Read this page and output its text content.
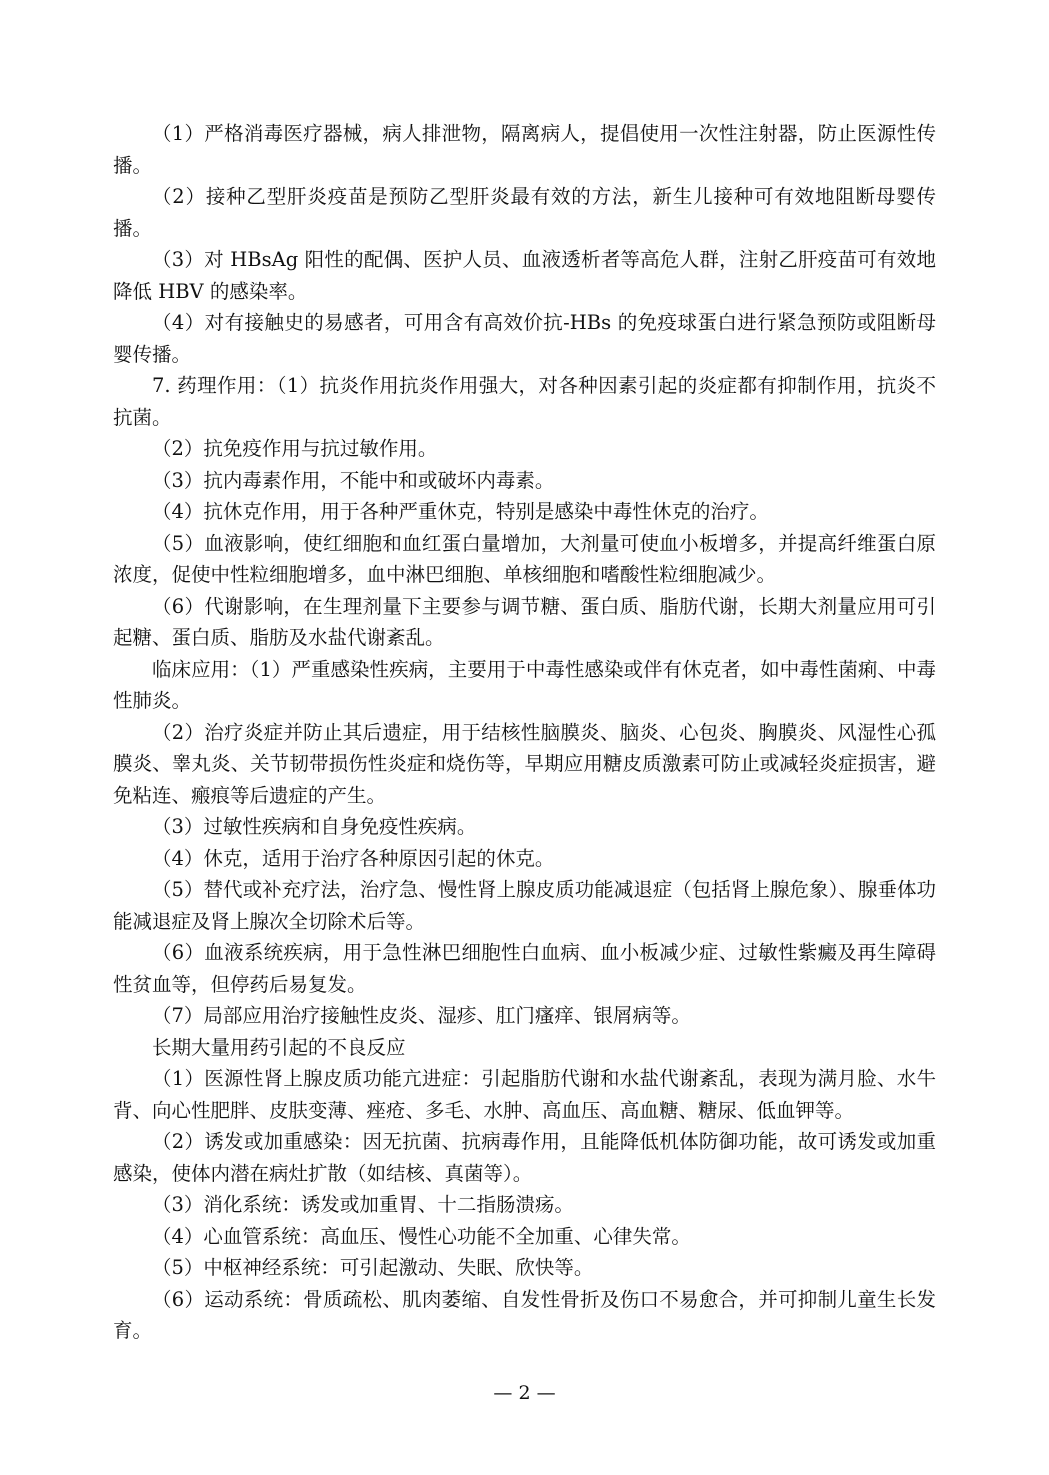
（1）严格消毒医疗器械，病人排泄物，隔离病人，提倡使用一次性注射器，防止医源性传播。

（2）接种乙型肝炎疫苗是预防乙型肝炎最有效的方法，新生儿接种可有效地阻断母婴传播。

（3）对 HBsAg 阳性的配偶、医护人员、血液透析者等高危人群，注射乙肝疫苗可有效地降低 HBV 的感染率。

（4）对有接触史的易感者，可用含有高效价抗-HBs 的免疫球蛋白进行紧急预防或阻断母婴传播。

7. 药理作用：（1）抗炎作用抗炎作用强大，对各种因素引起的炎症都有抑制作用，抗炎不抗菌。

（2）抗免疫作用与抗过敏作用。

（3）抗内毒素作用，不能中和或破坏内毒素。

（4）抗休克作用，用于各种严重休克，特别是感染中毒性休克的治疗。

（5）血液影响，使红细胞和血红蛋白量增加，大剂量可使血小板增多，并提高纤维蛋白原浓度，促使中性粒细胞增多，血中淋巴细胞、单核细胞和嗜酸性粒细胞减少。

（6）代谢影响，在生理剂量下主要参与调节糖、蛋白质、脂肪代谢，长期大剂量应用可引起糖、蛋白质、脂肪及水盐代谢紊乱。

临床应用：（1）严重感染性疾病，主要用于中毒性感染或伴有休克者，如中毒性菌痢、中毒性肺炎。

（2）治疗炎症并防止其后遗症，用于结核性脑膜炎、脑炎、心包炎、胸膜炎、风湿性心孤膜炎、睾丸炎、关节韧带损伤性炎症和烧伤等，早期应用糖皮质激素可防止或减轻炎症损害，避免粘连、瘢痕等后遗症的产生。

（3）过敏性疾病和自身免疫性疾病。

（4）休克，适用于治疗各种原因引起的休克。

（5）替代或补充疗法，治疗急、慢性肾上腺皮质功能减退症（包括肾上腺危象）、腺垂体功能减退症及肾上腺次全切除术后等。

（6）血液系统疾病，用于急性淋巴细胞性白血病、血小板减少症、过敏性紫癜及再生障碍性贫血等，但停药后易复发。

（7）局部应用治疗接触性皮炎、湿疹、肛门瘙痒、银屑病等。

长期大量用药引起的不良反应

（1）医源性肾上腺皮质功能亢进症：引起脂肪代谢和水盐代谢紊乱，表现为满月脸、水牛背、向心性肥胖、皮肤变薄、痤疮、多毛、水肿、高血压、高血糖、糖尿、低血钾等。

（2）诱发或加重感染：因无抗菌、抗病毒作用，且能降低机体防御功能，故可诱发或加重感染，使体内潜在病灶扩散（如结核、真菌等）。

（3）消化系统：诱发或加重胃、十二指肠溃疡。

（4）心血管系统：高血压、慢性心功能不全加重、心律失常。

（5）中枢神经系统：可引起激动、失眠、欣快等。

（6）运动系统：骨质疏松、肌肉萎缩、自发性骨折及伤口不易愈合，并可抑制儿童生长发育。

— 2 —
